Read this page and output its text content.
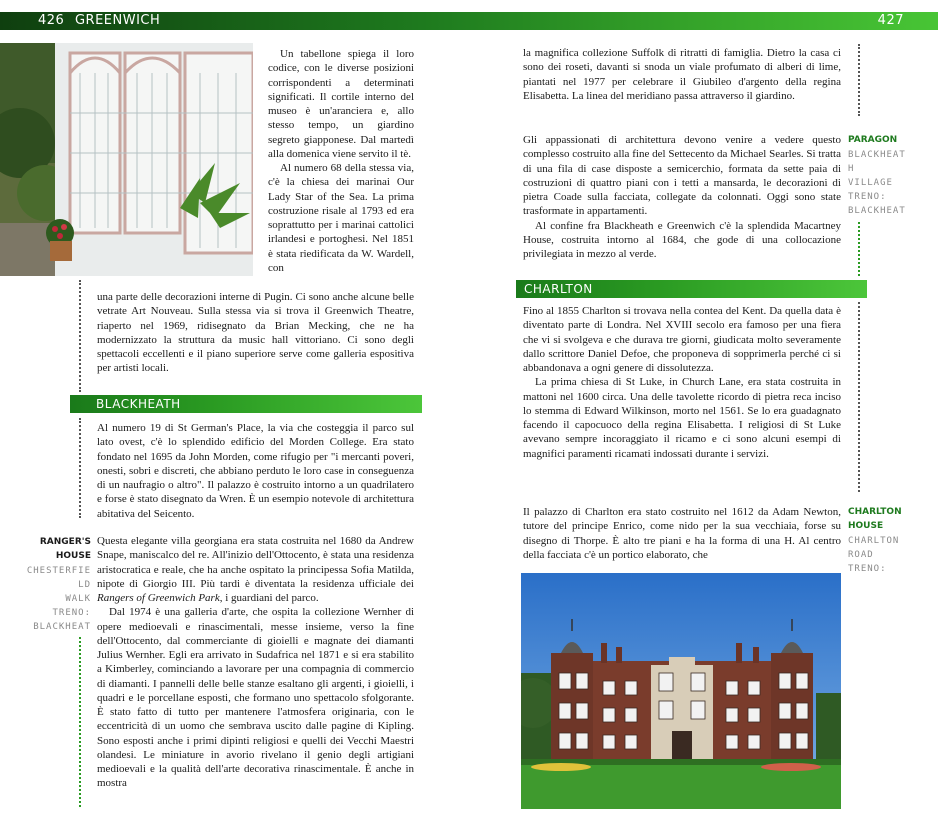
426 GREENWICH	427

Un tabellone spiega il loro codice, con le diverse posizioni corrispondenti a determinati significati. Il cortile interno del museo è un'aranciera e, allo stesso tempo, un giardino segreto giapponese. Dal martedì alla domenica viene servito il tè.

Al numero 68 della stessa via, c'è la chiesa dei marinai Our Lady Star of the Sea. La prima costruzione risale al 1793 ed era soprattutto per i marinai cattolici irlandesi e portoghesi. Nel 1851 è stata riedificata da W. Wardell, con

una parte delle decorazioni interne di Pugin. Ci sono anche alcune belle vetrate Art Nouveau. Sulla stessa via si trova il Greenwich Theatre, riaperto nel 1969, ridisegnato da Brian Mecking, che ne ha modernizzato la struttura da music hall vittoriano. Ci sono degli spettacoli eccellenti e il piano superiore serve come galleria espositiva per artisti locali.

BLACKHEATH

Al numero 19 di St German's Place, la via che costeggia il parco sul lato ovest, c'è lo splendido edificio del Morden College. Era stato fondato nel 1695 da John Morden, come rifugio per "i mercanti poveri, onesti, sobri e discreti, che abbiano perduto le loro case in conseguenza di un naufragio o altro". Il palazzo è costruito intorno a un quadrilatero e forse è stato disegnato da Wren. È un esempio notevole di architettura abitativa del Seicento.

RANGER'S
HOUSE
CHESTERFIE
LD
WALK
TRENO:
BLACKHEAT

Questa elegante villa georgiana era stata costruita nel 1680 da Andrew Snape, maniscalco del re. All'inizio dell'Ottocento, è stata una residenza aristocratica e reale, che ha anche ospitato la principessa Sofia Matilda, nipote di Giorgio III. Più tardi è diventata la residenza ufficiale dei Rangers of Greenwich Park, i guardiani del parco.

Dal 1974 è una galleria d'arte, che ospita la collezione Wernher di opere medioevali e rinascimentali, messe insieme, verso la fine dell'Ottocento, dal commerciante di gioielli e magnate dei diamanti Julius Wernher. Egli era arrivato in Sudafrica nel 1871 e si era stabilito a Kimberley, cominciando a lavorare per una compagnia di commercio di diamanti. I pannelli delle belle stanze esaltano gli argenti, i gioielli, i quadri e le porcellane esposti, che formano uno spettacolo sfolgorante. È stato fatto di tutto per mantenere l'atmosfera originaria, con le eccentricità di un uomo che sembrava uscito dalle pagine di Kipling. Sono esposti anche i primi dipinti religiosi e quelli dei Vecchi Maestri olandesi. Le miniature in avorio rivelano il genio degli artigiani medioevali e la qualità dell'arte decorativa rinascimentale. È anche in mostra

la magnifica collezione Suffolk di ritratti di famiglia. Dietro la casa ci sono dei roseti, davanti si snoda un viale profumato di alberi di lime, piantati nel 1977 per celebrare il Giubileo d'argento della regina Elisabetta. La linea del meridiano passa attraverso il giardino.

Gli appassionati di architettura devono venire a vedere questo complesso costruito alla fine del Settecento da Michael Searles. Si tratta di una fila di case disposte a semicerchio, formata da sette paia di costruzioni di quattro piani con i tetti a mansarda, le decorazioni di pietra Coade sulla facciata, collegate da colonnati. Oggi sono state trasformate in appartamenti.

Al confine fra Blackheath e Greenwich c'è la splendida Macartney House, costruita intorno al 1684, che gode di una collocazione privilegiata in mezzo al verde.

PARAGON
BLACKHEAT
H
VILLAGE
TRENO:
BLACKHEAT
CHARLTON

Fino al 1855 Charlton si trovava nella contea del Kent. Da quella data è diventato parte di Londra. Nel XVIII secolo era famoso per una fiera che vi si svolgeva e che durava tre giorni, giudicata molto severamente dallo scrittore Daniel Defoe, che proponeva di sopprimerla perché ci si abbandonava a ogni genere di dissolutezza.

La prima chiesa di St Luke, in Church Lane, era stata costruita in mattoni nel 1600 circa. Una delle tavolette ricordo di pietra reca inciso lo stemma di Edward Wilkinson, morto nel 1561. Se lo era guadagnato facendo il capocuoco della regina Elisabetta. I religiosi di St Luke avevano sempre incoraggiato il ricamo e ci sono alcuni esempi di magnifici paramenti ricamati indossati durante i servizi.

Il palazzo di Charlton era stato costruito nel 1612 da Adam Newton, tutore del principe Enrico, come nido per la sua vecchiaia, forse su disegno di Thorpe. È alto tre piani e ha la forma di una H. Al centro della facciata c'è un portico elaborato, che

CHARLTON
HOUSE
CHARLTON
ROAD
TRENO:
